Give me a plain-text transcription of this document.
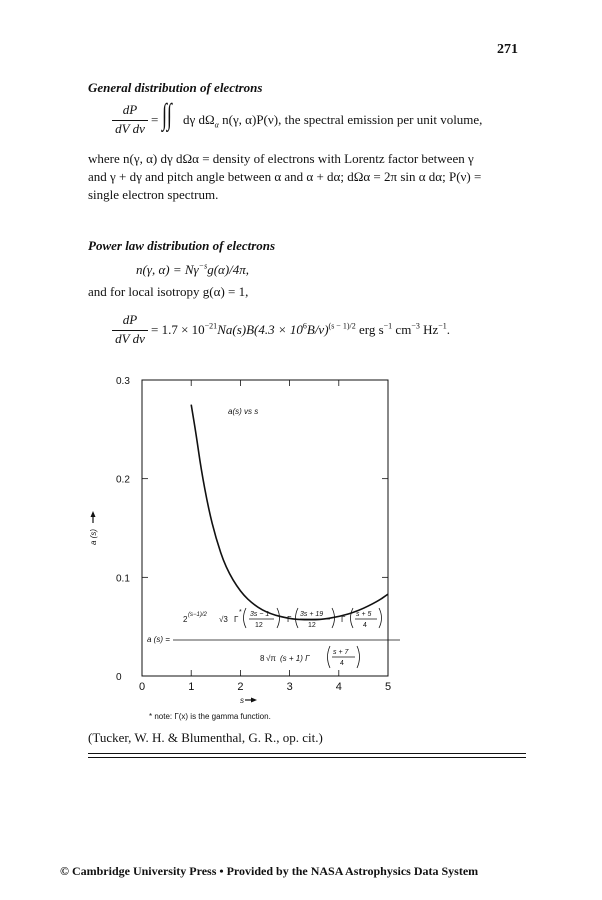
271
General distribution of electrons
dP
dV dν
= ∫∫ dγ $d\Omega_\alpha$ n(γ, α)P(ν), the spectral emission per unit volume,
where n(γ, α) dγ dΩα = density of electrons with Lorentz factor between γ
and γ + dγ and pitch angle between α and α + dα; dΩα = 2π sin α dα; P(ν) =
single electron spectrum.
Power law distribution of electrons
n(γ, $\alpha) = N\gamma^{-s}g(\alpha)/4\pi$,
and for local isotropy g(α) = 1,
dP
dV dν
= $1.7 \times 10^{-21}Na(s)B(4.3 \times 10^6B/\nu)^{(s - 1)/2}$ erg $s^{-1}$ $cm^{-3}$ $Hz^{-1}$.
0	1	2	3	4	5
0
0.1
0.2
0.3
a(s) vs s
a (s)
s
a (s) =
2 (s−1)/2 √3 Γ
* 3s − 1
12
Γ
3s + 19
12
Γ
s + 5
4
8 √π (s + 1) Γ
s + 7
4
* note: Γ(x) is the gamma function.
(Tucker, W. H. & Blumenthal, G. R., op. cit.)
© Cambridge University Press • Provided by the NASA Astrophysics Data System
